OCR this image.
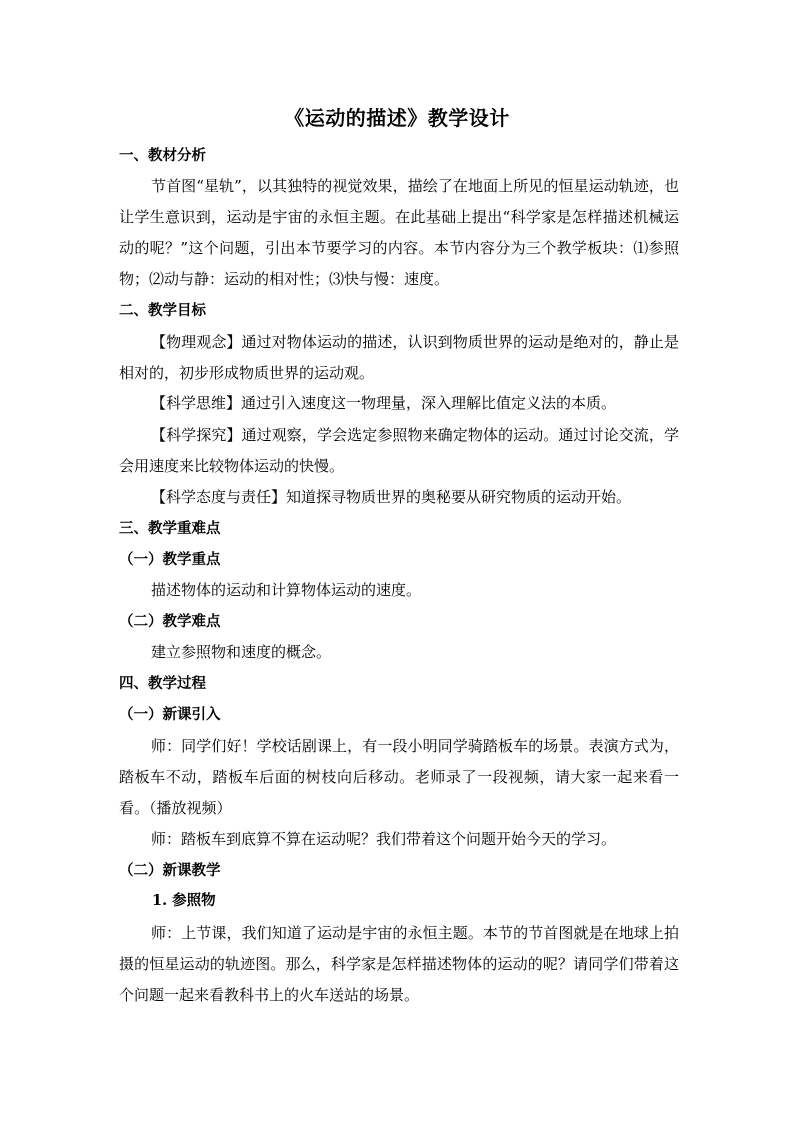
《运动的描述》教学设计
一、教材分析
节首图“星轨”，以其独特的视觉效果，描绘了在地面上所见的恒星运动轨迹，也让学生意识到，运动是宇宙的永恒主题。在此基础上提出“科学家是怎样描述机械运动的呢？”这个问题，引出本节要学习的内容。本节内容分为三个教学板块：⑴参照物；⑵动与静：运动的相对性；⑶快与慢：速度。
二、教学目标
【物理观念】通过对物体运动的描述，认识到物质世界的运动是绝对的，静止是相对的，初步形成物质世界的运动观。
【科学思维】通过引入速度这一物理量，深入理解比值定义法的本质。
【科学探究】通过观察，学会选定参照物来确定物体的运动。通过讨论交流，学会用速度来比较物体运动的快慢。
【科学态度与责任】知道探寻物质世界的奥秘要从研究物质的运动开始。
三、教学重难点
（一）教学重点
描述物体的运动和计算物体运动的速度。
（二）教学难点
建立参照物和速度的概念。
四、教学过程
（一）新课引入
师：同学们好！学校话剧课上，有一段小明同学骑踏板车的场景。表演方式为，踏板车不动，踏板车后面的树枝向后移动。老师录了一段视频，请大家一起来看一看。（播放视频）
师：踏板车到底算不算在运动呢？我们带着这个问题开始今天的学习。
（二）新课教学
1. 参照物
师：上节课，我们知道了运动是宇宙的永恒主题。本节的节首图就是在地球上拍摄的恒星运动的轨迹图。那么，科学家是怎样描述物体的运动的呢？请同学们带着这个问题一起来看教科书上的火车送站的场景。
